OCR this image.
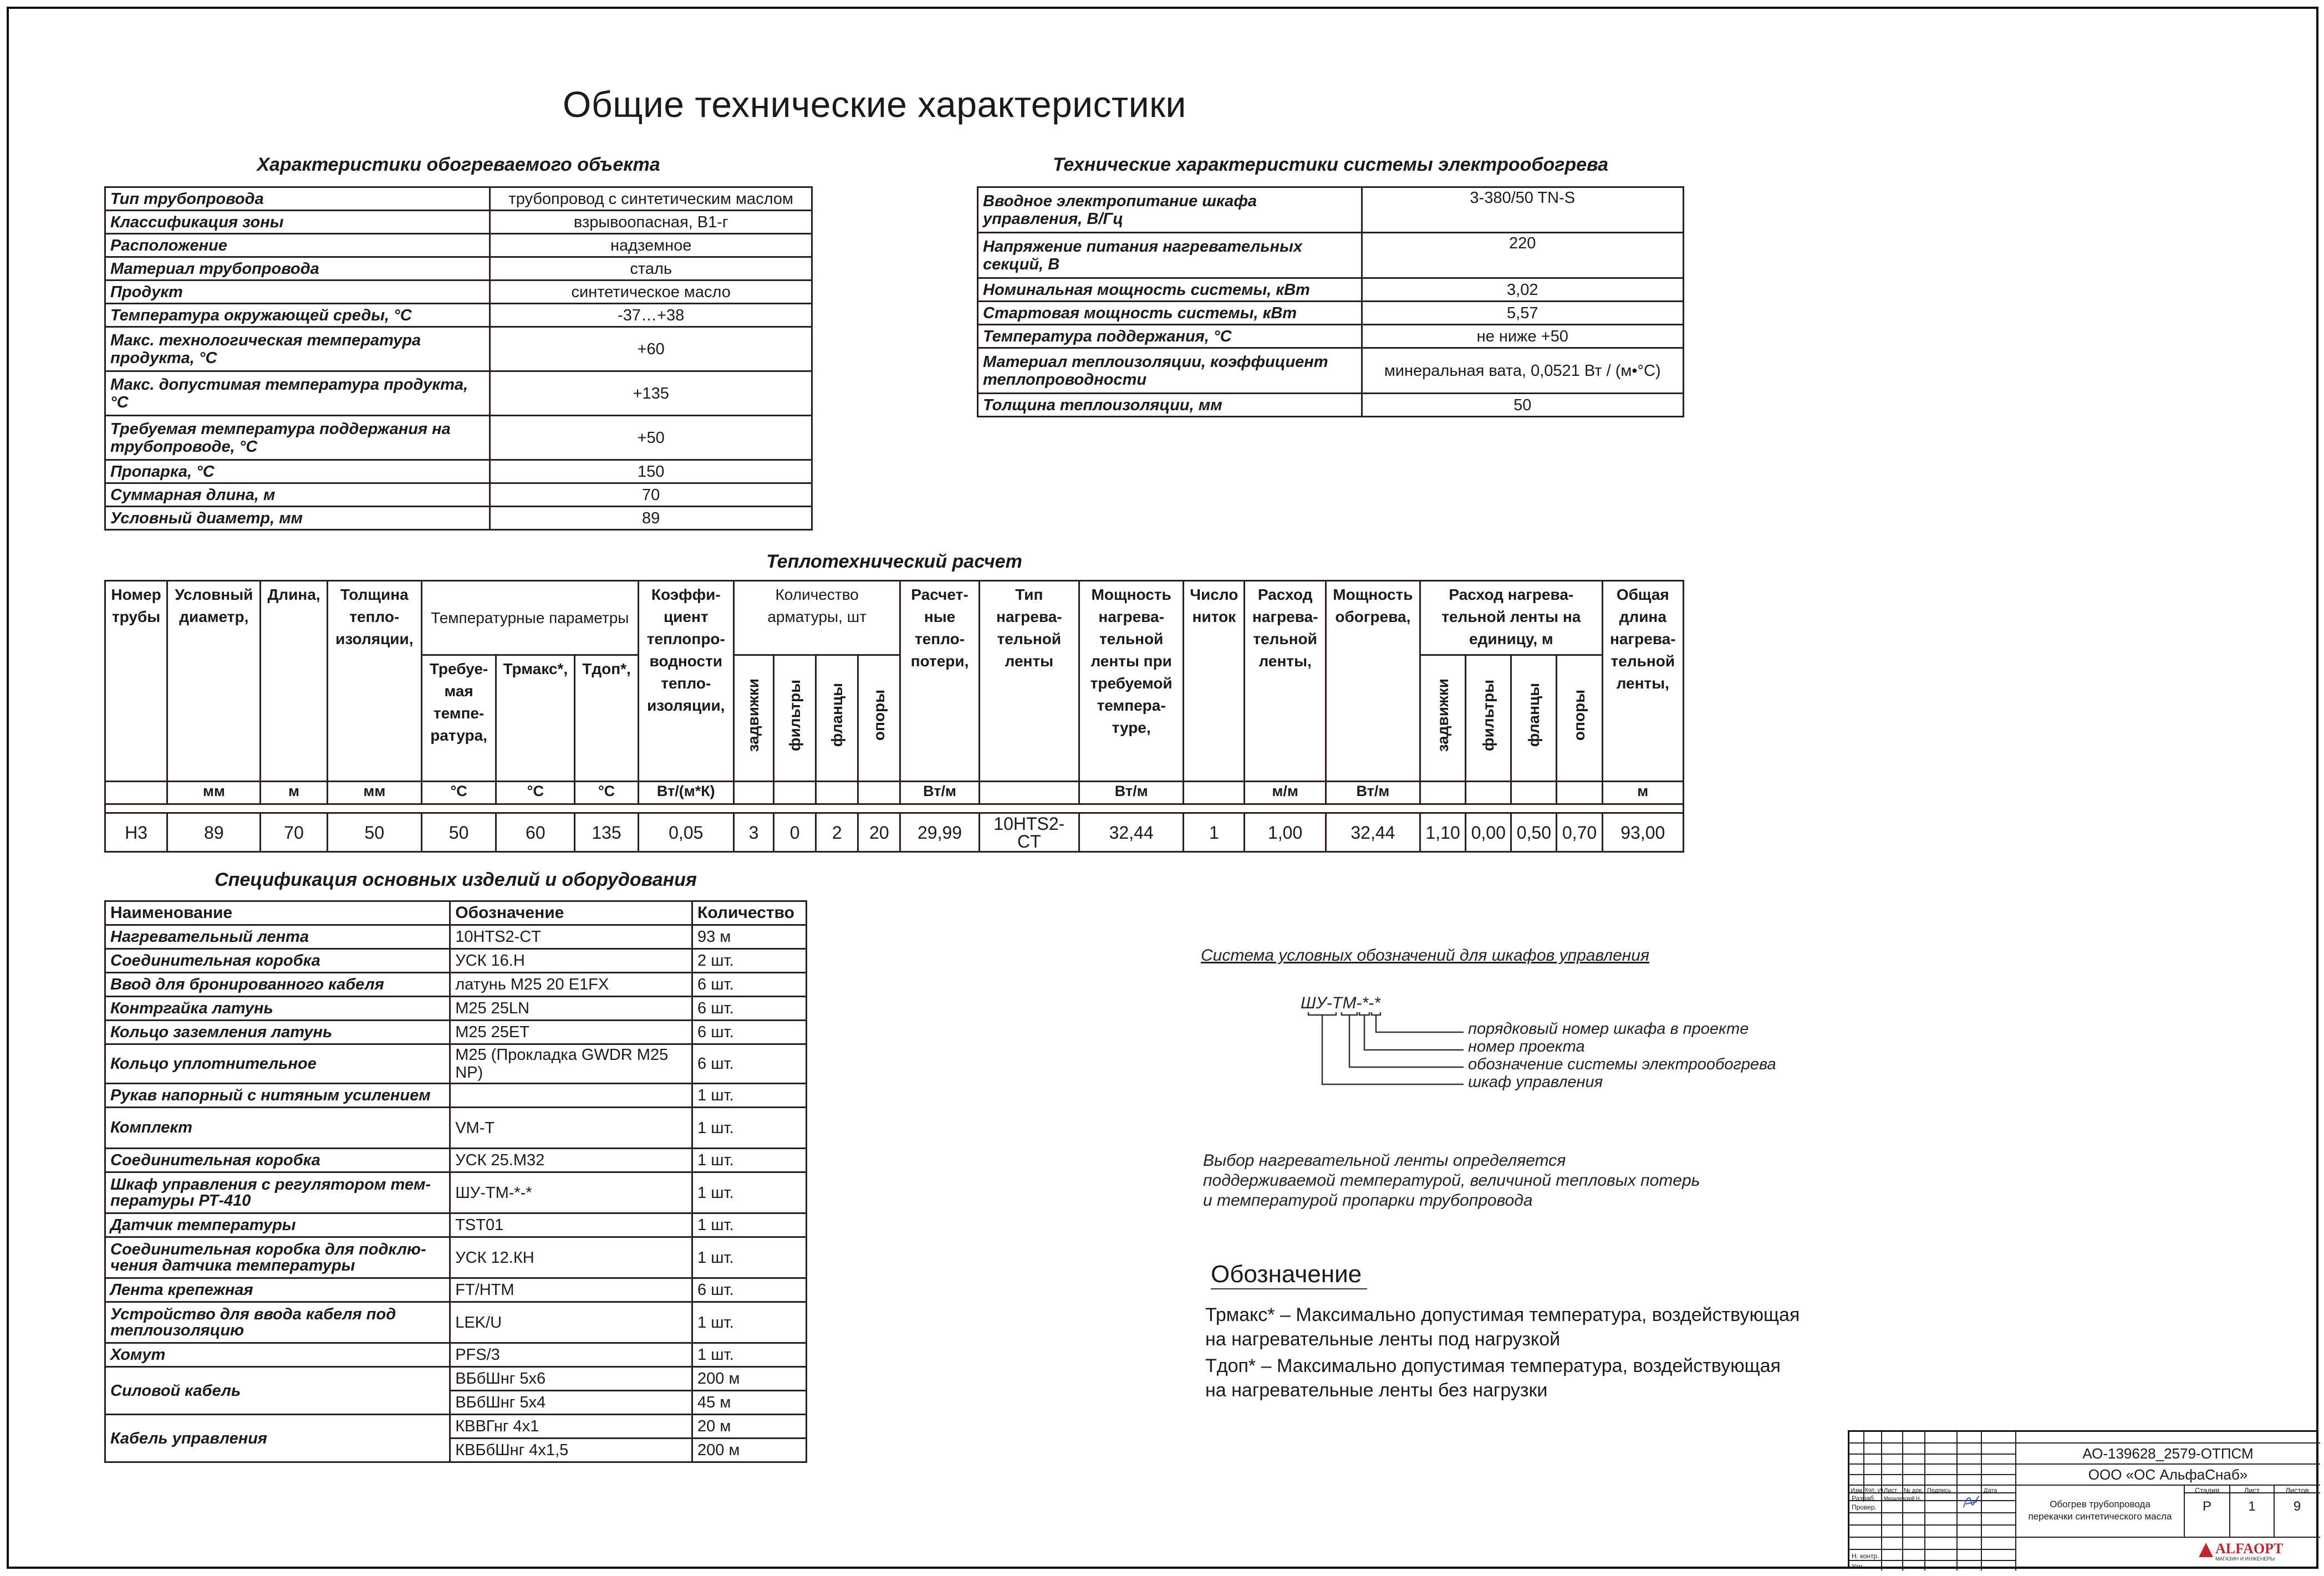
Общие технические характеристики
Характеристики обогреваемого объекта
Тип трубопровода	трубопровод с синтетическим маслом
Классификация зоны	взрывоопасная, В1-г
Расположение	надземное
Материал трубопровода	сталь
Продукт	синтетическое масло
Температура окружающей среды, °С	-37…+38
Макс. технологическая температура продукта, °С	+60
Макс. допустимая температура продукта, °С	+135
Требуемая температура поддержания на трубопроводе, °С	+50
Пропарка, °С	150
Суммарная длина, м	70
Условный диаметр, мм	89
Технические характеристики системы электрообогрева
Вводное электропитание шкафа управления, В/Гц	3-380/50 TN-S
Напряжение питания нагревательных секций, В	220
Номинальная мощность системы, кВт	3,02
Стартовая мощность системы, кВт	5,57
Температура поддержания, °С	не ниже +50
Материал теплоизоляции, коэффициент теплопроводности	минеральная вата, 0,0521 Вт / (м•°С)
Толщина теплоизоляции, мм	50
Теплотехнический расчет
Номер трубы	Условный диаметр,	Длина,	Толщина тепло-изоляции,	Температурные параметры			Коэффи-циент теплопро-водности тепло-изоляции,	Количество арматуры, шт				Расчет-ные тепло-потери,	Тип нагрева-тельной ленты	Мощность нагрева-тельной ленты при требуемой темпера-туре,	Число ниток	Расход нагрева-тельной ленты,	Мощность обогрева,	Расход нагрева-тельной ленты на единицу, м				Общая длина нагрева-тельной ленты,
				Требуе-мая темпе-ратура,	Трмакс*,	Тдоп*,		задвижки	фильтры	фланцы	опоры							задвижки	фильтры	фланцы	опоры	
	мм	м	мм	°С	°С	°С	Вт/(м*К)					Вт/м		Вт/м		м/м	Вт/м					м

Н3	89	70	50	50	60	135	0,05	3	0	2	20	29,99	10HTS2-CT	32,44	1	1,00	32,44	1,10	0,00	0,50	0,70	93,00
Спецификация основных изделий и оборудования
Наименование	Обозначение	Количество
Нагревательный лента	10HTS2-CT	93 м
Соединительная коробка	УСК 16.Н	2 шт.
Ввод для бронированного кабеля	латунь М25 20 E1FX	6 шт.
Контргайка латунь	М25 25LN	6 шт.
Кольцо заземления латунь	М25 25ET	6 шт.
Кольцо уплотнительное	М25 (Прокладка GWDR M25 NP)	6 шт.
Рукав напорный с нитяным усилением		1 шт.
Комплект	VM-T	1 шт.
Соединительная коробка	УСК 25.М32	1 шт.
Шкаф управления с регулятором тем-пературы РТ-410	ШУ-ТМ-*-*	1 шт.
Датчик температуры	TST01	1 шт.
Соединительная коробка для подклю-чения датчика температуры	УСК 12.КН	1 шт.
Лента крепежная	FT/HTM	6 шт.
Устройство для ввода кабеля под теплоизоляцию	LEK/U	1 шт.
Хомут	PFS/3	1 шт.
Силовой кабель	ВБбШнг 5х6	200 м
	ВБбШнг 5х4	45 м
Кабель управления	КВВГнг 4х1	20 м
	КВБбШнг 4х1,5	200 м
Система условных обозначений для шкафов управления
ШУ-ТМ-*-*
порядковый номер шкафа в проекте
номер проекта
обозначение системы электрообогрева
шкаф управления
Выбор нагревательной ленты определяется поддерживаемой температурой, величиной тепловых потерь и температурой пропарки трубопровода
Обозначение
Трмакс* – Максимально допустимая температура, воздействующая
на нагревательные ленты под нагрузкой
Тдоп* – Максимально допустимая температура, воздействующая
на нагревательные ленты без нагрузки
АО-139628_2579-ОТПСМ
ООО «ОС АльфаСнаб»
Изм. Кол. уч.
Лист № док. Подпись	Дата
Разраб. Михалевский Н.
Провер.
Н. контр.
Утв.
Обогрев трубопровода
перекачки синтетического масла
Стадия	Лист	Листов
Р	1	9
ALFAOPT
МАГАЗИН И ИНЖЕНЕРЫ
